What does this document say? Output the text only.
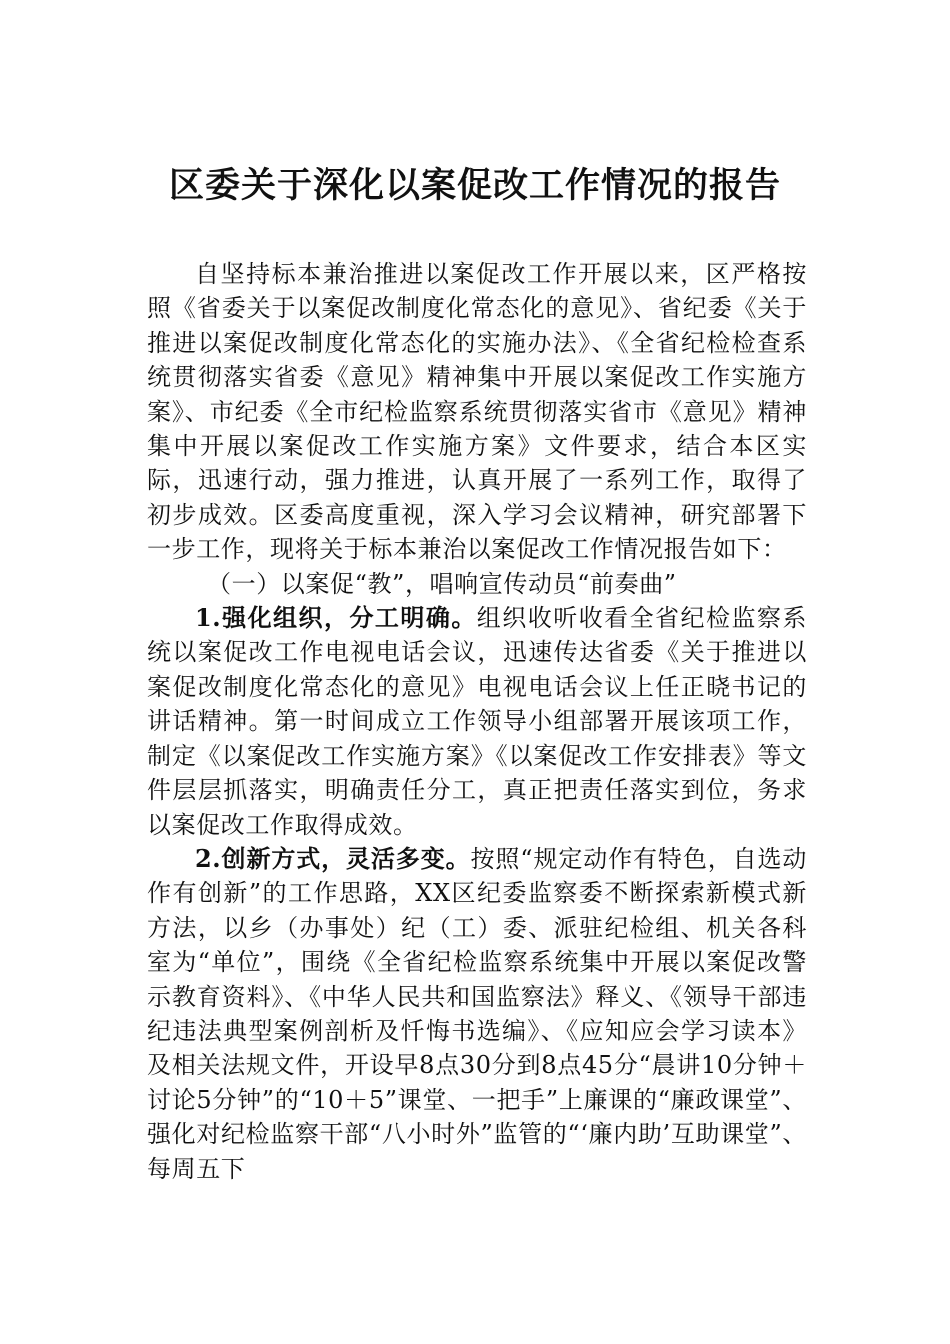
区委关于深化以案促改工作情况的报告

自坚持标本兼治推进以案促改工作开展以来，区严格按照《省委关于以案促改制度化常态化的意见》、省纪委《关于推进以案促改制度化常态化的实施办法》、《全省纪检检查系统贯彻落实省委《意见》精神集中开展以案促改工作实施方案》、市纪委《全市纪检监察系统贯彻落实省市《意见》精神集中开展以案促改工作实施方案》文件要求，结合本区实际，迅速行动，强力推进，认真开展了一系列工作，取得了初步成效。区委高度重视，深入学习会议精神，研究部署下一步工作，现将关于标本兼治以案促改工作情况报告如下：

（一）以案促“教”，唱响宣传动员“前奏曲”

1.强化组织，分工明确。组织收听收看全省纪检监察系统以案促改工作电视电话会议，迅速传达省委《关于推进以案促改制度化常态化的意见》电视电话会议上任正晓书记的讲话精神。第一时间成立工作领导小组部署开展该项工作，制定《以案促改工作实施方案》《以案促改工作安排表》等文件层层抓落实，明确责任分工，真正把责任落实到位，务求以案促改工作取得成效。

2.创新方式，灵活多变。按照“规定动作有特色，自选动作有创新”的工作思路，XX区纪委监察委不断探索新模式新方法，以乡（办事处）纪（工）委、派驻纪检组、机关各科室为“单位”，围绕《全省纪检监察系统集中开展以案促改警示教育资料》、《中华人民共和国监察法》释义、《领导干部违纪违法典型案例剖析及忏悔书选编》、《应知应会学习读本》及相关法规文件，开设早8点30分到8点45分“晨讲10分钟＋讨论5分钟”的“10＋5”课堂、一把手”上廉课的“廉政课堂”、强化对纪检监察干部“八小时外”监管的“‘廉内助’互助课堂”、每周五下
